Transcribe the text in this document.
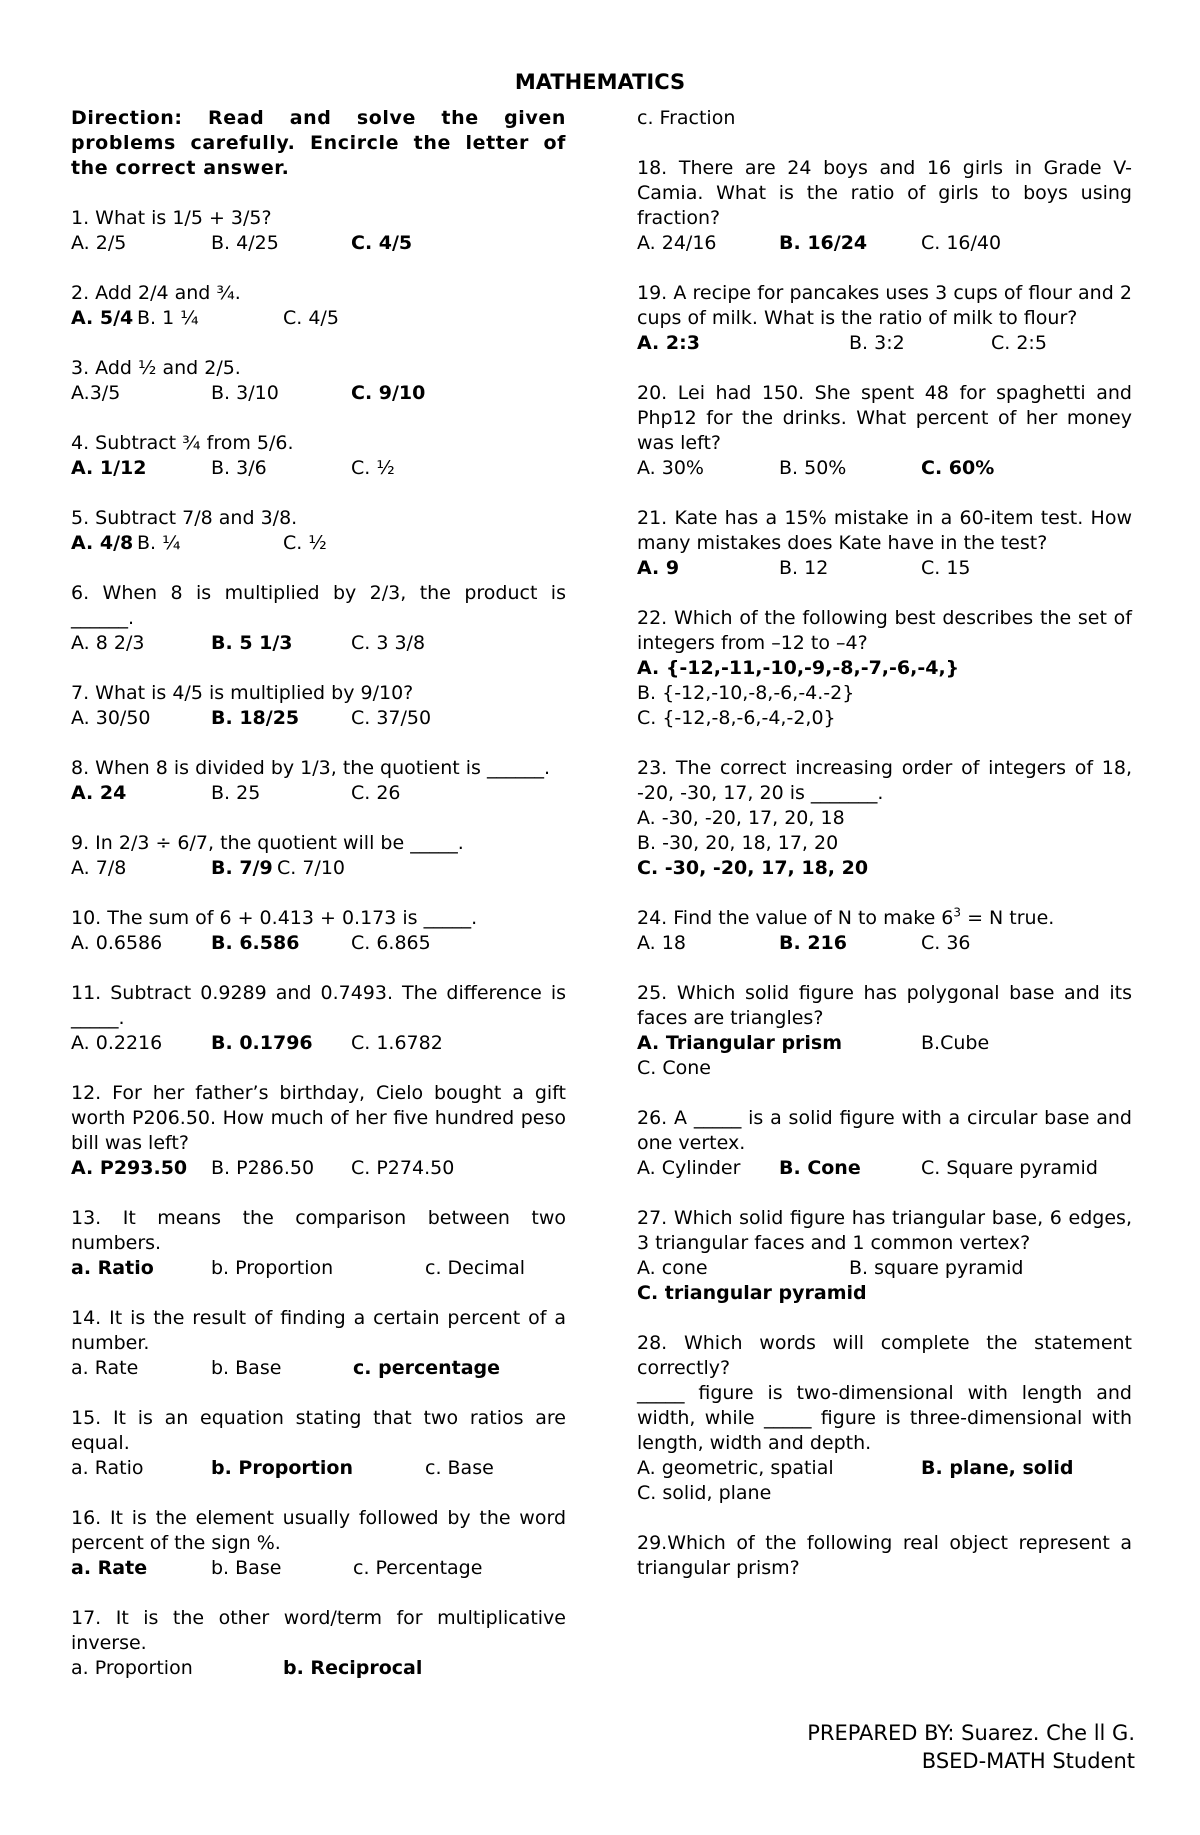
MATHEMATICS
Direction: Read and solve the given problems carefully. Encircle the letter of the correct answer.
1. What is 1/5 + 3/5?
A. 2/5	B. 4/25	C. 4/5
2. Add 2/4 and ¾.
A. 5/4 B. 1 ¼	C. 4/5
3. Add ½ and 2/5.
A.3/5	B. 3/10	C. 9/10
4. Subtract ¾ from 5/6.
A. 1/12	B. 3/6	C. ½
5. Subtract 7/8 and 3/8.
A. 4/8 B. ¼	C. ½
6. When 8 is multiplied by 2/3, the product is ______.
A. 8 2/3	B. 5 1/3	C. 3 3/8
7. What is 4/5 is multiplied by 9/10?
A. 30/50	B. 18/25	C. 37/50
8. When 8 is divided by 1/3, the quotient is ______.
A. 24	B. 25	C. 26
9. In 2/3 ÷ 6/7, the quotient will be _____.
A. 7/8	B. 7/9 C. 7/10
10. The sum of 6 + 0.413 + 0.173 is _____.
A. 0.6586	B. 6.586	C. 6.865
11. Subtract 0.9289 and 0.7493. The difference is _____.
A. 0.2216	B. 0.1796 C. 1.6782
12. For her father’s birthday, Cielo bought a gift worth P206.50. How much of her five hundred peso bill was left?
A. P293.50 B. P286.50 C. P274.50
13. It means the comparison between two numbers.
a. Ratio	b. Proportion	c. Decimal
14. It is the result of finding a certain percent of a number.
a. Rate	b. Base	c. percentage
15. It is an equation stating that two ratios are equal.
a. Ratio	b. Proportion	c. Base
16. It is the element usually followed by the word percent of the sign %.
a. Rate	b. Base	c. Percentage
17. It is the other word/term for multiplicative inverse.
a. Proportion	b. Reciprocal
c. Fraction
18. There are 24 boys and 16 girls in Grade V-Camia. What is the ratio of girls to boys using fraction?
A. 24/16	B. 16/24	C. 16/40
19. A recipe for pancakes uses 3 cups of flour and 2 cups of milk. What is the ratio of milk to flour?
A. 2:3	B. 3:2	C. 2:5
20. Lei had 150. She spent 48 for spaghetti and Php12 for the drinks. What percent of her money was left?
A. 30%	B. 50%	C. 60%
21. Kate has a 15% mistake in a 60-item test. How many mistakes does Kate have in the test?
A. 9	B. 12	C. 15
22. Which of the following best describes the set of integers from –12 to –4?
A. {-12,-11,-10,-9,-8,-7,-6,-4,}
B. {-12,-10,-8,-6,-4.-2}
C. {-12,-8,-6,-4,-2,0}
23. The correct increasing order of integers of 18, -20, -30, 17, 20 is _______.
A. -30, -20, 17, 20, 18
B. -30, 20, 18, 17, 20
C. -30, -20, 17, 18, 20
24. Find the value of N to make $6^3 = N$ true.
A. 18	B. 216	C. 36
25. Which solid figure has polygonal base and its faces are triangles?
A. Triangular prism	B.Cube
C. Cone
26. A _____ is a solid figure with a circular base and one vertex.
A. Cylinder B. Cone	C. Square pyramid
27. Which solid figure has triangular base, 6 edges, 3 triangular faces and 1 common vertex?
A. cone	B. square pyramid
C. triangular pyramid
28. Which words will complete the statement correctly?
_____ figure is two-dimensional with length and width, while _____ figure is three-dimensional with length, width and depth.
A. geometric, spatial	B. plane, solid
C. solid, plane
29.Which of the following real object represent a triangular prism?
PREPARED BY: Suarez. Che ll G.
BSED-MATH Student
